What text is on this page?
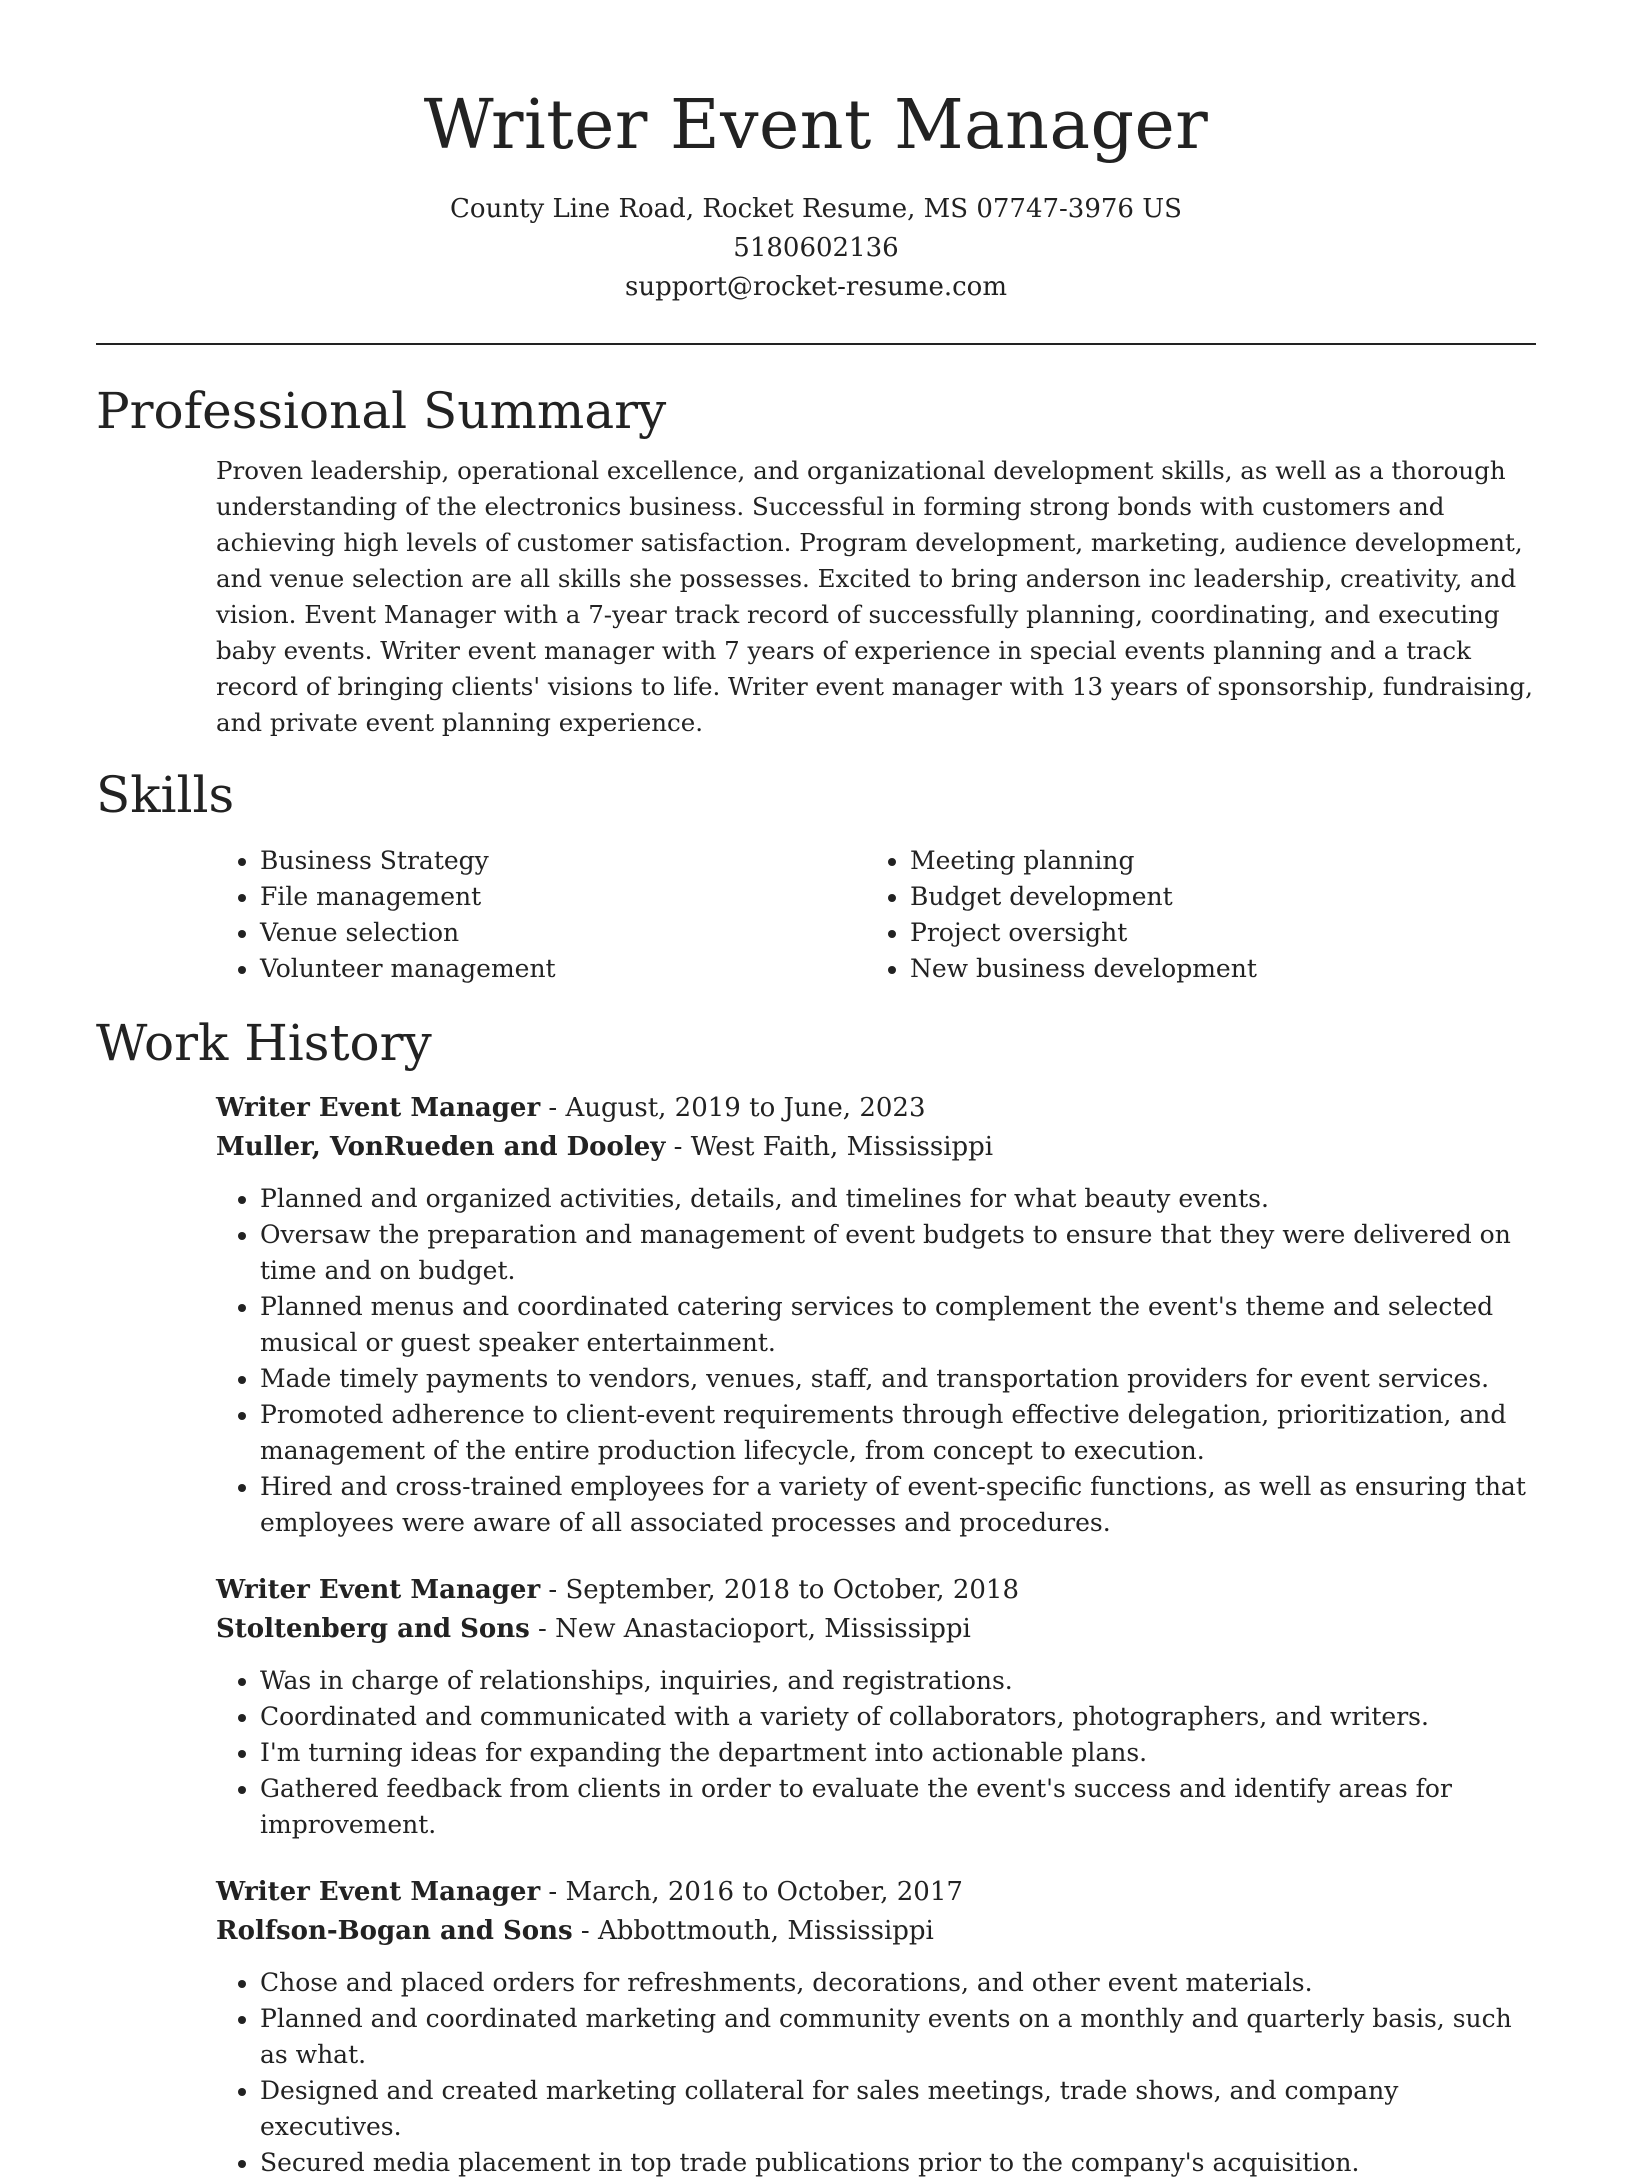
Writer Event Manager
County Line Road, Rocket Resume, MS 07747-3976 US
5180602136
support@rocket-resume.com
Professional Summary

Proven leadership, operational excellence, and organizational development skills, as well as a thorough understanding of the electronics business. Successful in forming strong bonds with customers and achieving high levels of customer satisfaction. Program development, marketing, audience development, and venue selection are all skills she possesses. Excited to bring anderson inc leadership, creativity, and vision. Event Manager with a 7-year track record of successfully planning, coordinating, and executing baby events. Writer event manager with 7 years of experience in special events planning and a track record of bringing clients' visions to life. Writer event manager with 13 years of sponsorship, fundraising, and private event planning experience.

Skills
• Business Strategy
• File management
• Venue selection
• Volunteer management
• Meeting planning
• Budget development
• Project oversight
• New business development
Work History
Writer Event Manager - August, 2019 to June, 2023
Muller, VonRueden and Dooley - West Faith, Mississippi
• Planned and organized activities, details, and timelines for what beauty events.
• Oversaw the preparation and management of event budgets to ensure that they were delivered on time and on budget.
• Planned menus and coordinated catering services to complement the event's theme and selected musical or guest speaker entertainment.
• Made timely payments to vendors, venues, staff, and transportation providers for event services.
• Promoted adherence to client-event requirements through effective delegation, prioritization, and management of the entire production lifecycle, from concept to execution.
• Hired and cross-trained employees for a variety of event-specific functions, as well as ensuring that employees were aware of all associated processes and procedures.
Writer Event Manager - September, 2018 to October, 2018
Stoltenberg and Sons - New Anastacioport, Mississippi
• Was in charge of relationships, inquiries, and registrations.
• Coordinated and communicated with a variety of collaborators, photographers, and writers.
• I'm turning ideas for expanding the department into actionable plans.
• Gathered feedback from clients in order to evaluate the event's success and identify areas for improvement.
Writer Event Manager - March, 2016 to October, 2017
Rolfson-Bogan and Sons - Abbottmouth, Mississippi
• Chose and placed orders for refreshments, decorations, and other event materials.
• Planned and coordinated marketing and community events on a monthly and quarterly basis, such as what.
• Designed and created marketing collateral for sales meetings, trade shows, and company executives.
• Secured media placement in top trade publications prior to the company's acquisition.
